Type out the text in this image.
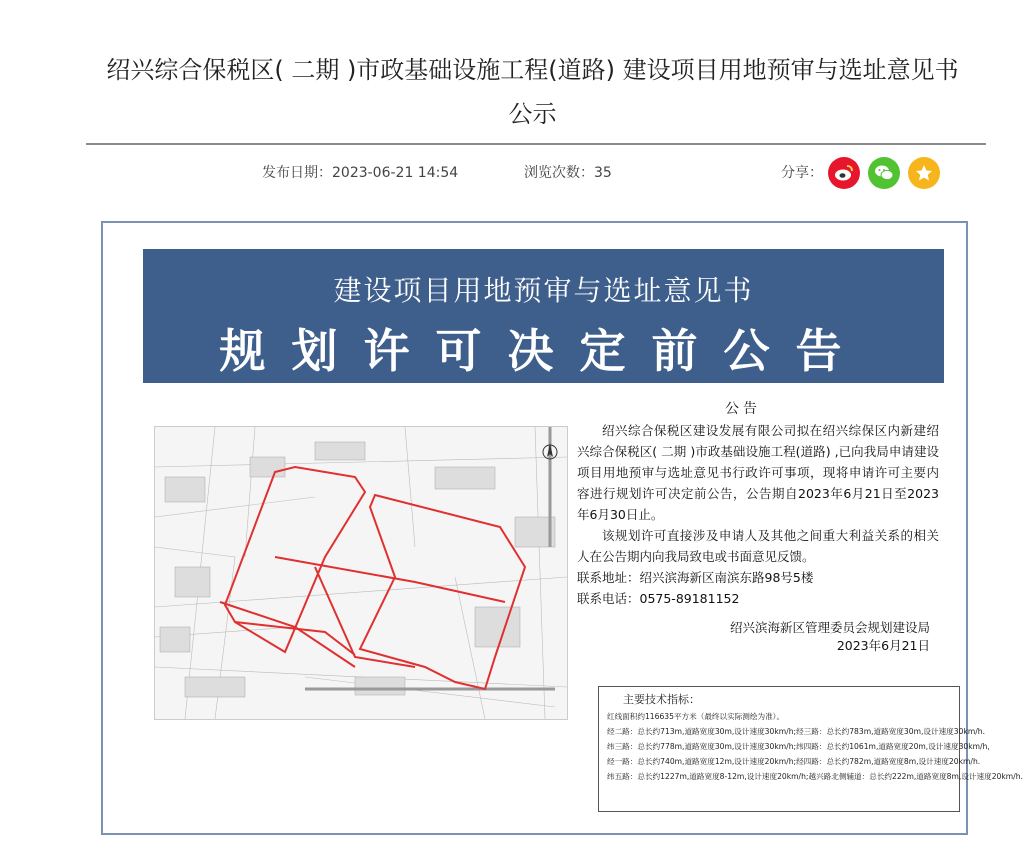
绍兴综合保税区( 二期 )市政基础设施工程(道路) 建设项目用地预审与选址意见书
公示
发布日期：2023-06-21 14:54	浏览次数：35	分享：
建设项目用地预审与选址意见书
规划许可决定前公告
公告

绍兴综合保税区建设发展有限公司拟在绍兴综保区内新建绍兴综合保税区( 二期 )市政基础设施工程(道路) ,已向我局申请建设项目用地预审与选址意见书行政许可事项，现将申请许可主要内容进行规划许可决定前公告，公告期自2023年6月21日至2023年6月30日止。

该规划许可直接涉及申请人及其他之间重大利益关系的相关人在公告期内向我局致电或书面意见反馈。

联系地址：绍兴滨海新区南滨东路98号5楼

联系电话：0575-89181152

绍兴滨海新区管理委员会规划建设局
2023年6月21日
主要技术指标：
红线面积约116635平方米（最终以实际测绘为准）。
经二路：总长约713m,道路宽度30m,设计速度30km/h;经三路：总长约783m,道路宽度30m,设计速度30km/h.
纬三路：总长约778m,道路宽度30m,设计速度30km/h;纬四路：总长约1061m,道路宽度20m,设计速度30km/h,
经一路：总长约740m,道路宽度12m,设计速度20km/h;经四路：总长约782m,道路宽度8m,设计速度20km/h.
纬五路：总长约1227m,道路宽度8-12m,设计速度20km/h;越兴路北侧辅道：总长约222m,道路宽度8m,设计速度20km/h.
